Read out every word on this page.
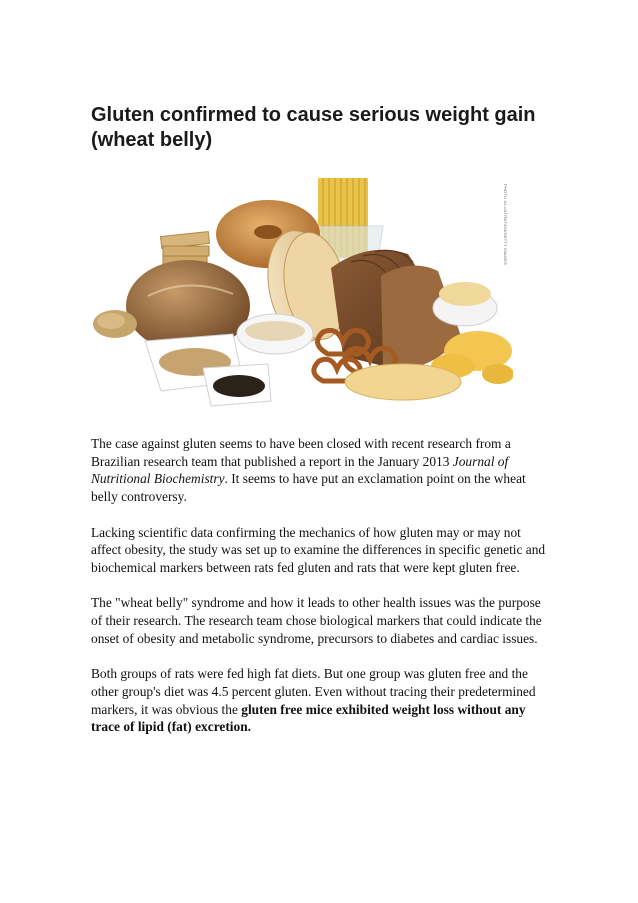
Gluten confirmed to cause serious weight gain (wheat belly)
PHOTO ILLUSTRATION/GETTY IMAGES

The case against gluten seems to have been closed with recent research from a Brazilian research team that published a report in the January 2013 Journal of Nutritional Biochemistry. It seems to have put an exclamation point on the wheat belly controversy.

Lacking scientific data confirming the mechanics of how gluten may or may not affect obesity, the study was set up to examine the differences in specific genetic and biochemical markers between rats fed gluten and rats that were kept gluten free.

The "wheat belly" syndrome and how it leads to other health issues was the purpose of their research. The research team chose biological markers that could indicate the onset of obesity and metabolic syndrome, precursors to diabetes and cardiac issues.

Both groups of rats were fed high fat diets. But one group was gluten free and the other group's diet was 4.5 percent gluten. Even without tracing their predetermined markers, it was obvious the gluten free mice exhibited weight loss without any trace of lipid (fat) excretion.
